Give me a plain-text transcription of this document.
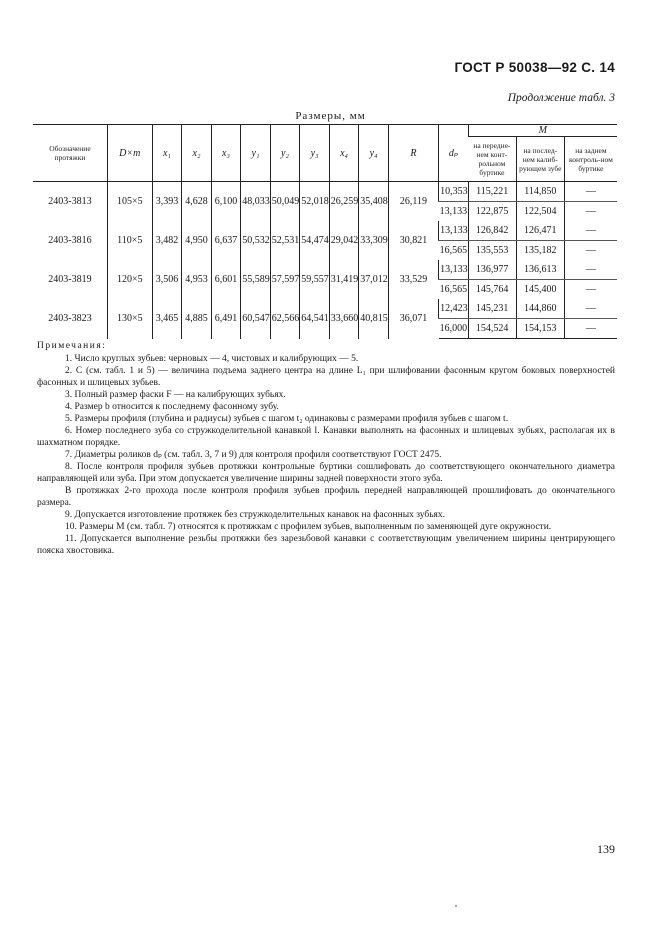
ГОСТ Р 50038—92 С. 14
Продолжение табл. 3
Размеры, мм
Обозначение протяжки	D×m	x₁	x₂	x₃	y₁	y₂	y₃	x₄	y₄	R	dₚ	M		
												на передне-нем конт-рольном буртике	на послед-нем калиб-рующем зубе	на заднем контроль-ном буртике
2403-3813	105×5	3,393	4,628	6,100	48,033	50,049	52,018	26,259	35,408	26,119	10,353	115,221	114,850	—
											13,133	122,875	122,504	—
2403-3816	110×5	3,482	4,950	6,637	50,532	52,531	54,474	29,042	33,309	30,821	13,133	126,842	126,471	—
											16,565	135,553	135,182	—
2403-3819	120×5	3,506	4,953	6,601	55,589	57,597	59,557	31,419	37,012	33,529	13,133	136,977	136,613	—
											16,565	145,764	145,400	—
2403-3823	130×5	3,465	4,885	6,491	60,547	62,566	64,541	33,660	40,815	36,071	12,423	145,231	144,860	—
											16,000	154,524	154,153	—
Примечания:

1. Число круглых зубьев: черновых — 4, чистовых и калибрующих — 5.

2. C (см. табл. 1 и 5) — величина подъема заднего центра на длине L₁ при шлифовании фасонным кругом боковых поверхностей фасонных и шлицевых зубьев.

3. Полный размер фаски F — на калибрующих зубьях.

4. Размер b относится к последнему фасонному зубу.

5. Размеры профиля (глубина и радиусы) зубьев с шагом t₂ одинаковы с размерами профиля зубьев с шагом t.

6. Номер последнего зуба со стружкоделительной канавкой l. Канавки выполнять на фасонных и шлицевых зубьях, располагая их в шахматном порядке.

7. Диаметры роликов dₚ (см. табл. 3, 7 и 9) для контроля профиля соответствуют ГОСТ 2475.

8. После контроля профиля зубьев протяжки контрольные буртики сошлифовать до соответствующего окончательного диаметра направляющей или зуба. При этом допускается увеличение ширины задней поверхности этого зуба.

В протяжках 2-го прохода после контроля профиля зубьев профиль передней направляющей прошлифовать до окончательного размера.

9. Допускается изготовление протяжек без стружкоделительных канавок на фасонных зубьях.

10. Размеры M (см. табл. 7) относятся к протяжкам с профилем зубьев, выполненным по заменяющей дуге окружности.

11. Допускается выполнение резьбы протяжки без зарезьбовой канавки с соответствующим увеличением ширины центрирующего пояска хвостовика.

139
